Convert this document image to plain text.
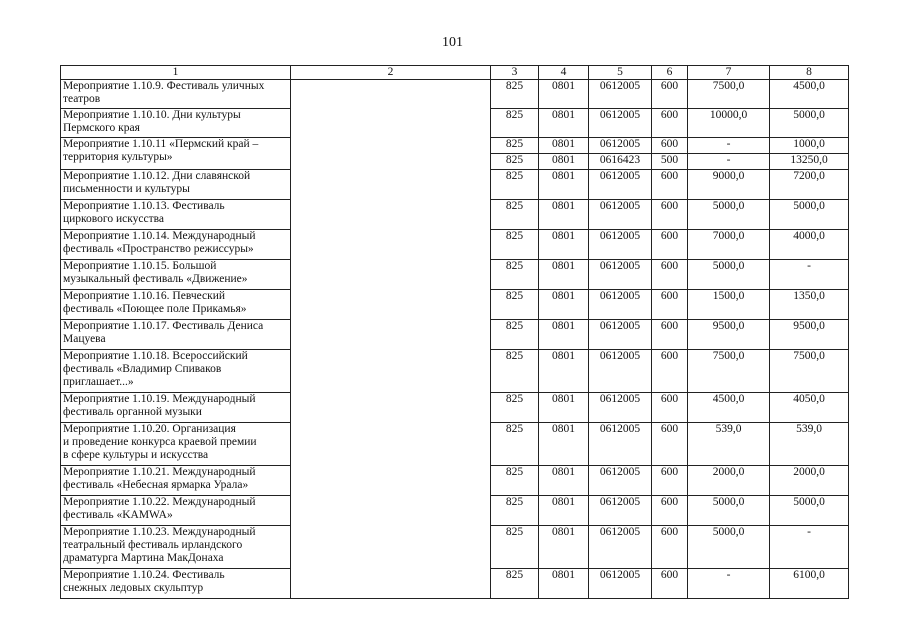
101
1	2	3	4	5	6	7	8

Мероприятие 1.10.9. Фестиваль уличных
театров		825	0801	0612005	600	7500,0	4500,0

Мероприятие 1.10.10. Дни культуры
Пермского края		825	0801	0612005	600	10000,0	5000,0

Мероприятие 1.10.11 «Пермский край –
территория культуры»		825	0801	0612005	600	-	1000,0
		825	0801	0616423	500	-	13250,0

Мероприятие 1.10.12. Дни славянской
письменности и культуры		825	0801	0612005	600	9000,0	7200,0

Мероприятие 1.10.13. Фестиваль
циркового искусства		825	0801	0612005	600	5000,0	5000,0

Мероприятие 1.10.14. Международный
фестиваль «Пространство режиссуры»		825	0801	0612005	600	7000,0	4000,0

Мероприятие 1.10.15. Большой
музыкальный фестиваль «Движение»		825	0801	0612005	600	5000,0	-

Мероприятие 1.10.16. Певческий
фестиваль «Поющее поле Прикамья»		825	0801	0612005	600	1500,0	1350,0

Мероприятие 1.10.17. Фестиваль Дениса
Мацуева		825	0801	0612005	600	9500,0	9500,0

Мероприятие 1.10.18. Всероссийский
фестиваль «Владимир Спиваков
приглашает...»		825	0801	0612005	600	7500,0	7500,0

Мероприятие 1.10.19. Международный
фестиваль органной музыки		825	0801	0612005	600	4500,0	4050,0

Мероприятие 1.10.20. Организация
и проведение конкурса краевой премии
в сфере культуры и искусства		825	0801	0612005	600	539,0	539,0

Мероприятие 1.10.21. Международный
фестиваль «Небесная ярмарка Урала»		825	0801	0612005	600	2000,0	2000,0

Мероприятие 1.10.22. Международный
фестиваль «KAMWA»		825	0801	0612005	600	5000,0	5000,0

Мероприятие 1.10.23. Международный
театральный фестиваль ирландского
драматурга Мартина МакДонаха		825	0801	0612005	600	5000,0	-

Мероприятие 1.10.24. Фестиваль
снежных ледовых скульптур		825	0801	0612005	600	-	6100,0
